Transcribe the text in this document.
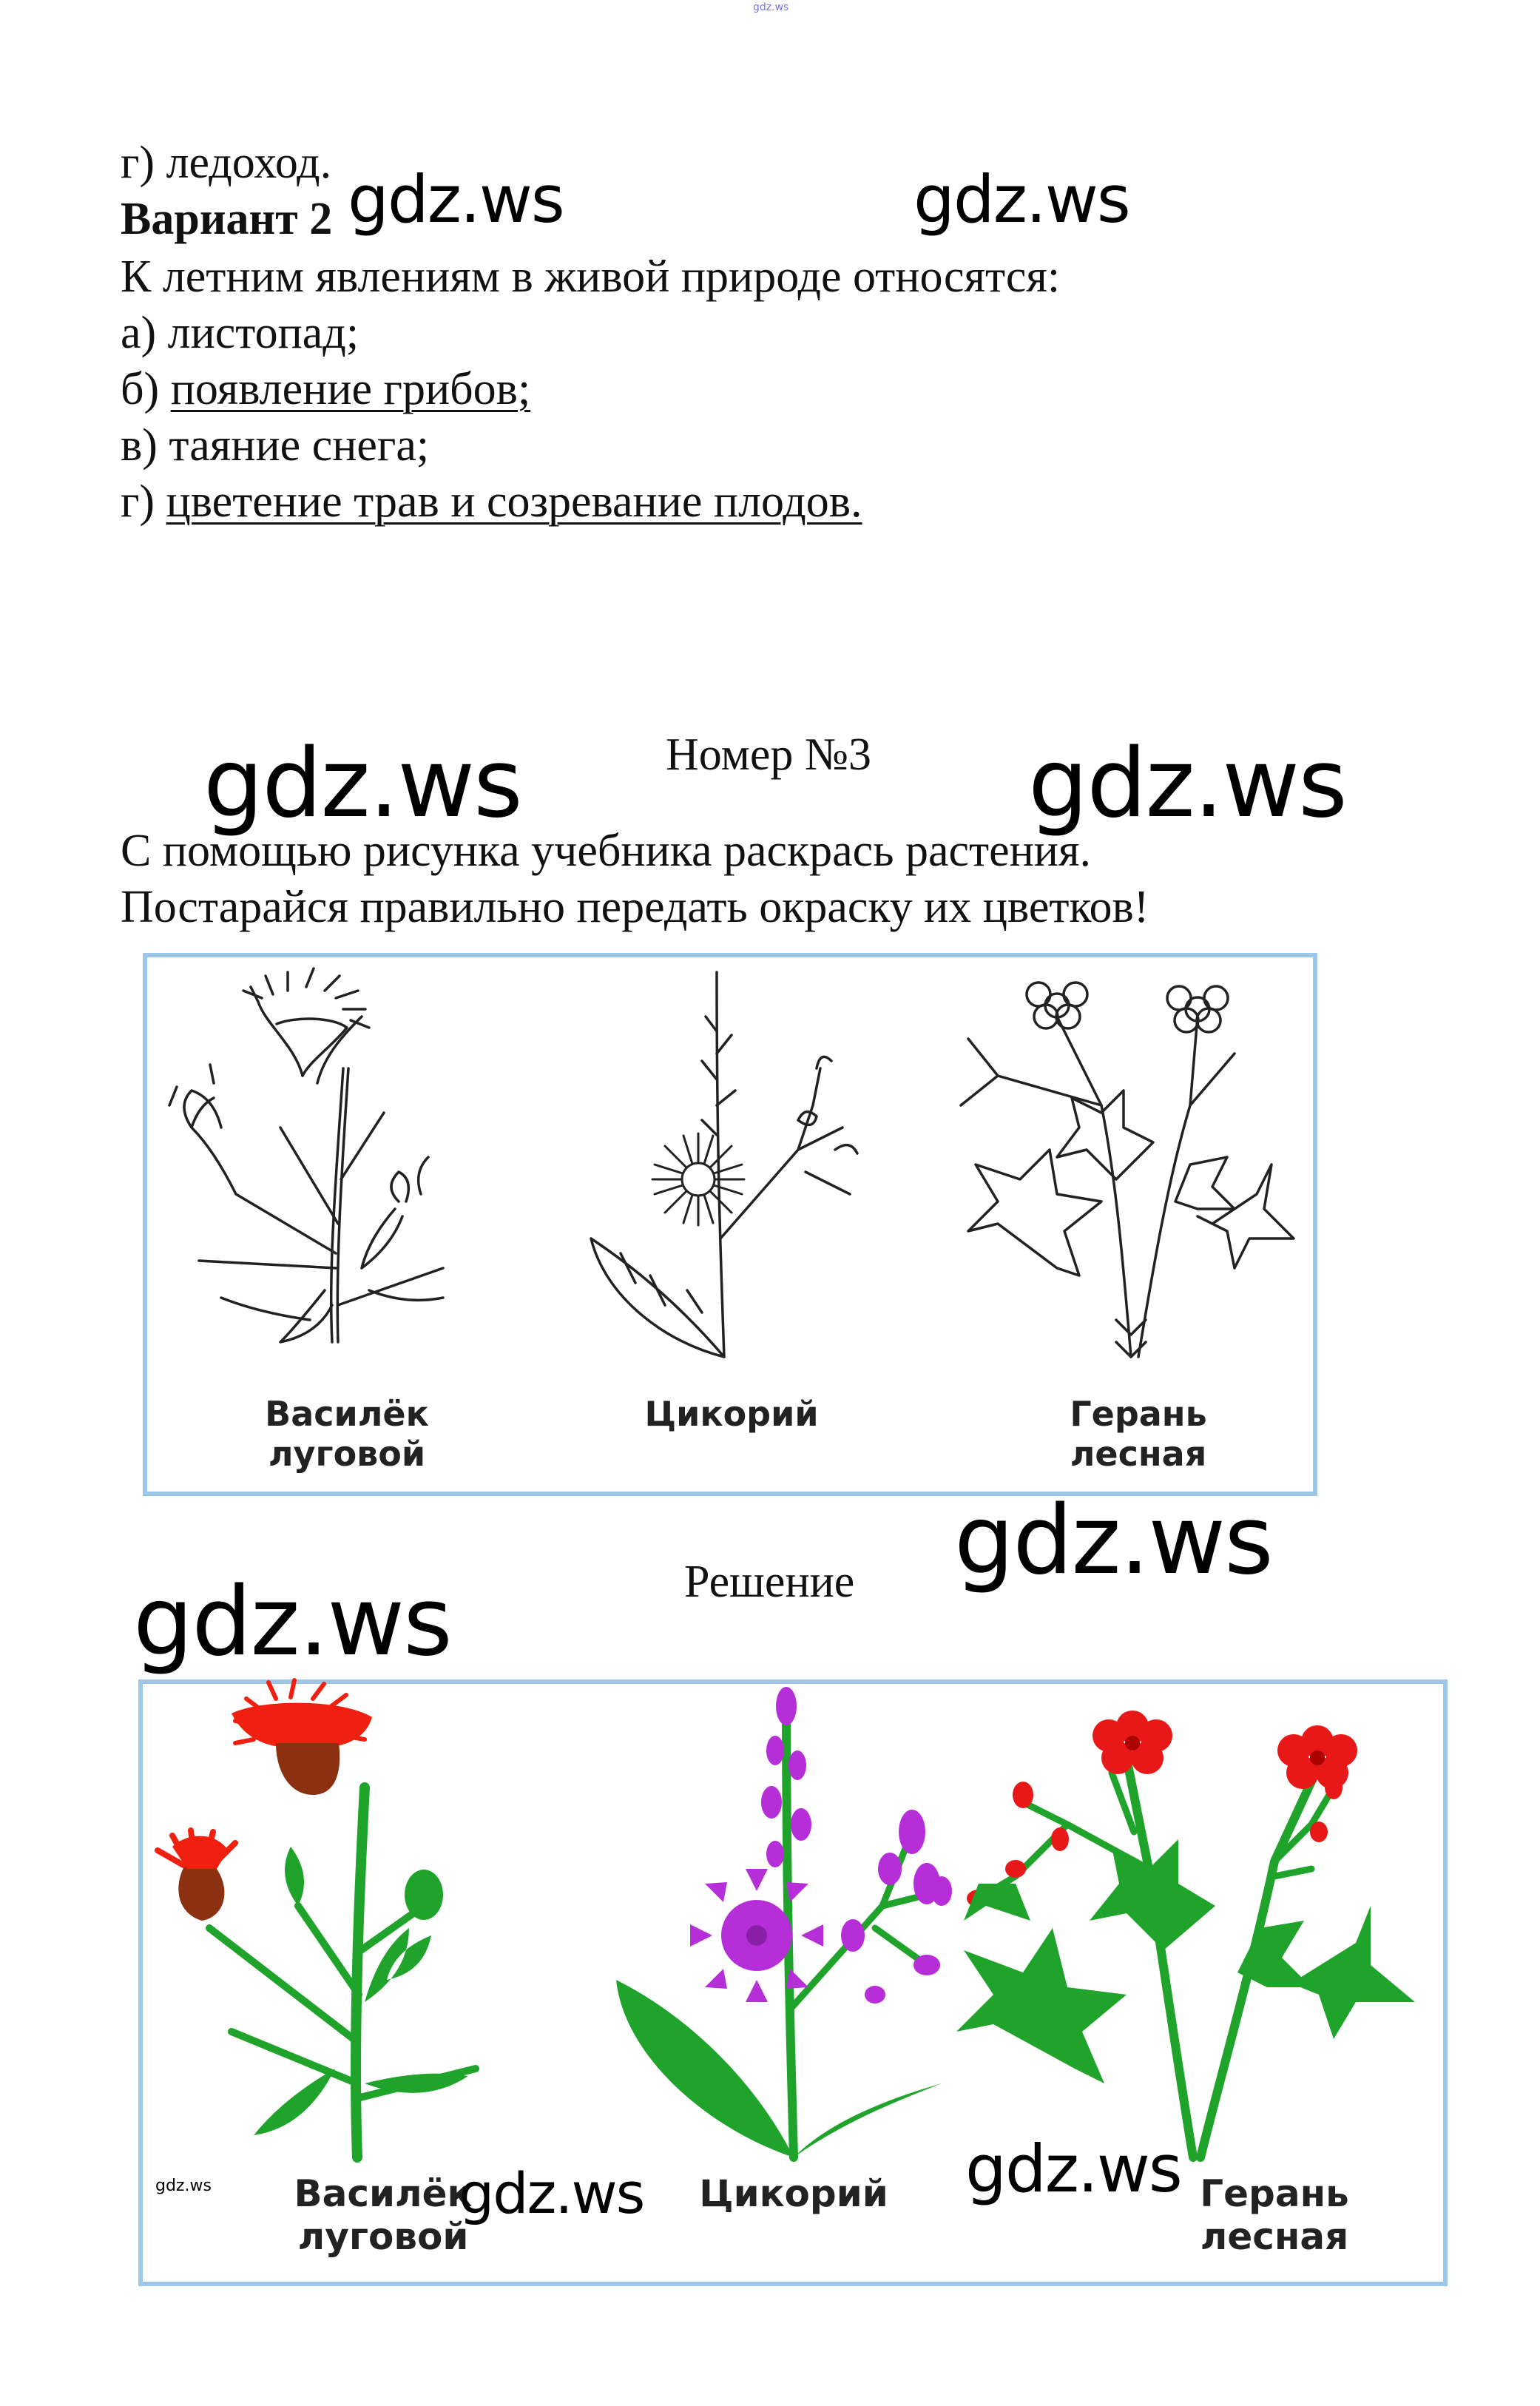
gdz.ws
г) ледоход.
Вариант 2 gdz.ws	gdz.ws
К летним явлениям в живой природе относятся:
а) листопад;
б) появление грибов;
в) таяние снега;
г) цветение трав и созревание плодов.
Номер №3
gdz.ws	gdz.ws
С помощью рисунка учебника раскрась растения.
Постарайся правильно передать окраску их цветков!
Василёк
луговой
Цикорий	Герань
лесная
gdz.ws
Решение
gdz.ws
Василёк
луговой
Цикорий	Герань
лесная
gdz.ws	gdz.ws	gdz.ws
